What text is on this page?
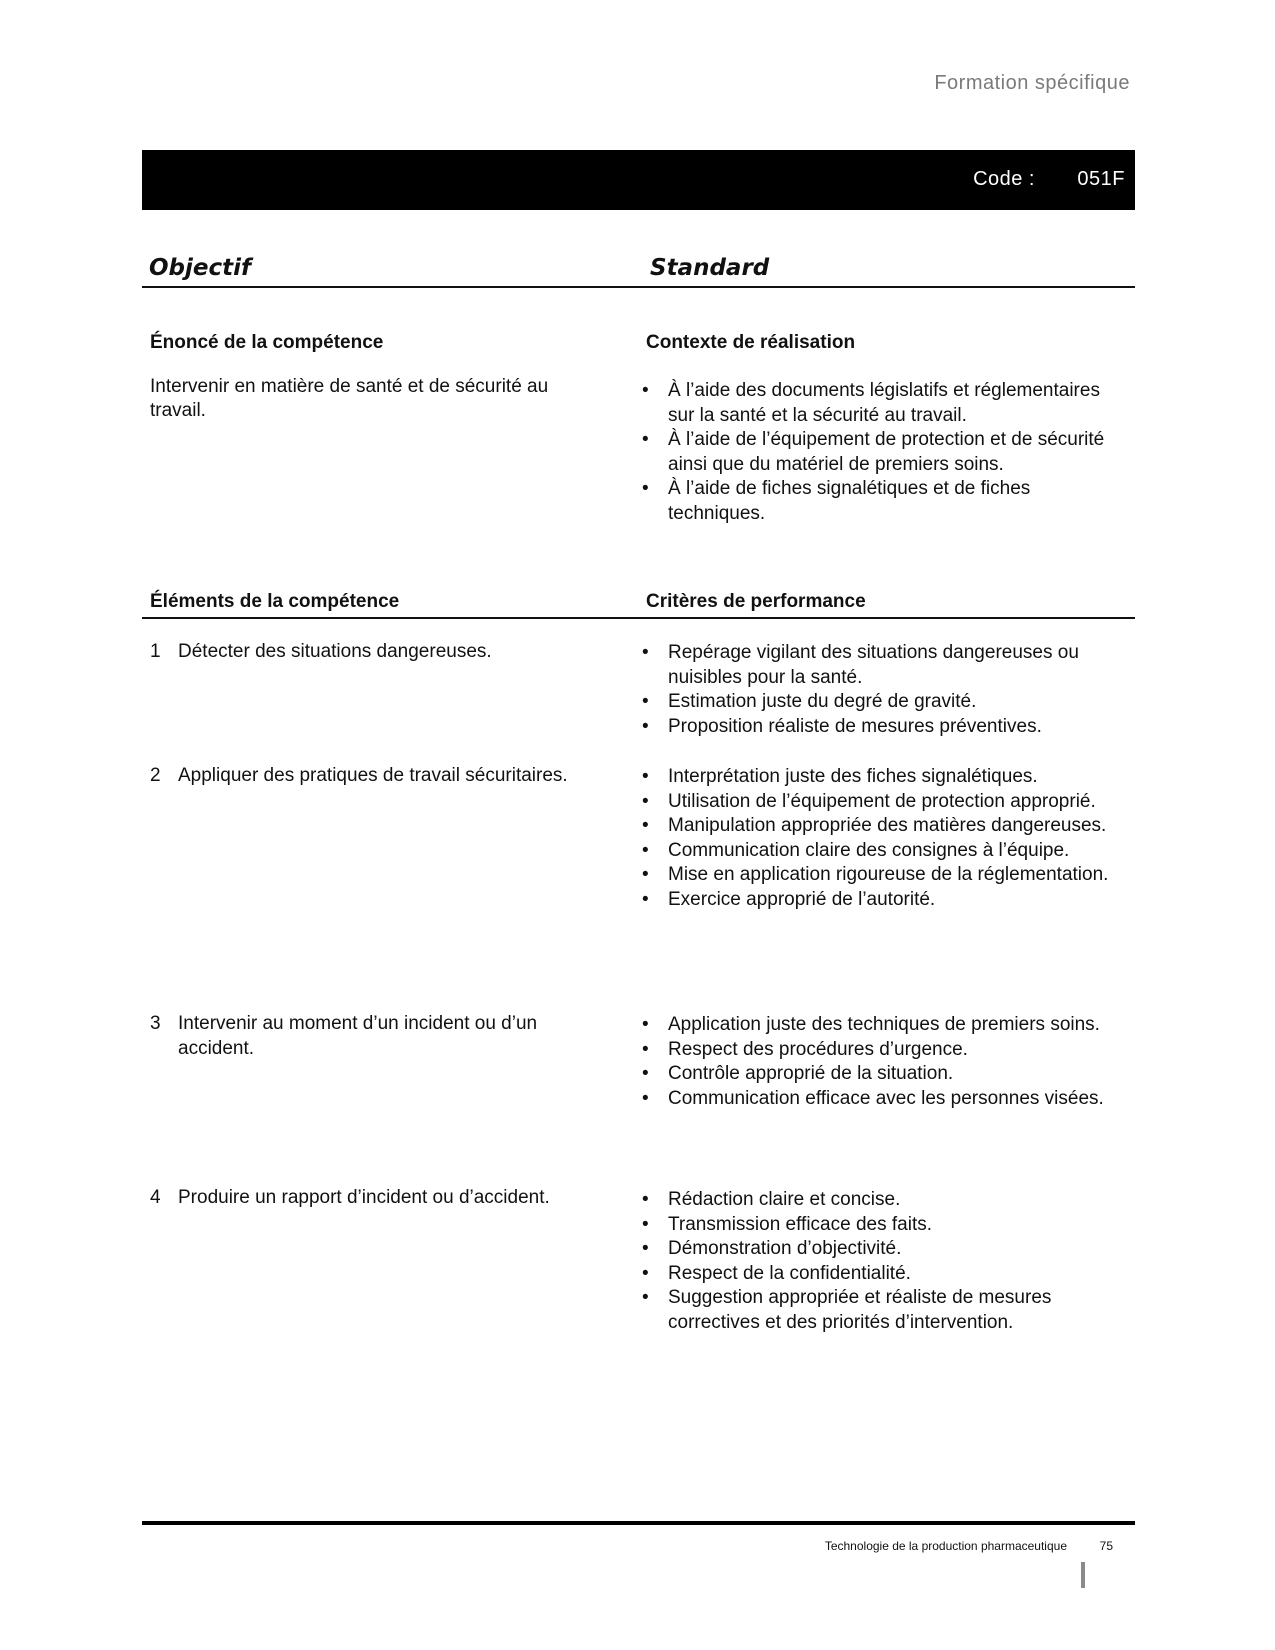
Formation spécifique
Code : 051F
Objectif	Standard
Énoncé de la compétence	Contexte de réalisation

Intervenir en matière de santé et de sécurité au travail.

•	À l’aide des documents législatifs et réglementaires sur la santé et la sécurité au travail.
•	À l’aide de l’équipement de protection et de sécurité ainsi que du matériel de premiers soins.
•	À l’aide de fiches signalétiques et de fiches techniques.
Éléments de la compétence	Critères de performance
1 Détecter des situations dangereuses.	•	Repérage vigilant des situations dangereuses ou nuisibles pour la santé.
•	Estimation juste du degré de gravité.
•	Proposition réaliste de mesures préventives.
2 Appliquer des pratiques de travail sécuritaires.	•	Interprétation juste des fiches signalétiques.
•	Utilisation de l’équipement de protection approprié.
•	Manipulation appropriée des matières dangereuses.
•	Communication claire des consignes à l’équipe.
•	Mise en application rigoureuse de la réglementation.
•	Exercice approprié de l’autorité.
3 Intervenir au moment d’un incident ou d’un accident.
•	Application juste des techniques de premiers soins.
•	Respect des procédures d’urgence.
•	Contrôle approprié de la situation.
•	Communication efficace avec les personnes visées.
4 Produire un rapport d’incident ou d’accident.	•	Rédaction claire et concise.
•	Transmission efficace des faits.
•	Démonstration d’objectivité.
•	Respect de la confidentialité.
•	Suggestion appropriée et réaliste de mesures correctives et des priorités d’intervention.
Technologie de la production pharmaceutique	75
